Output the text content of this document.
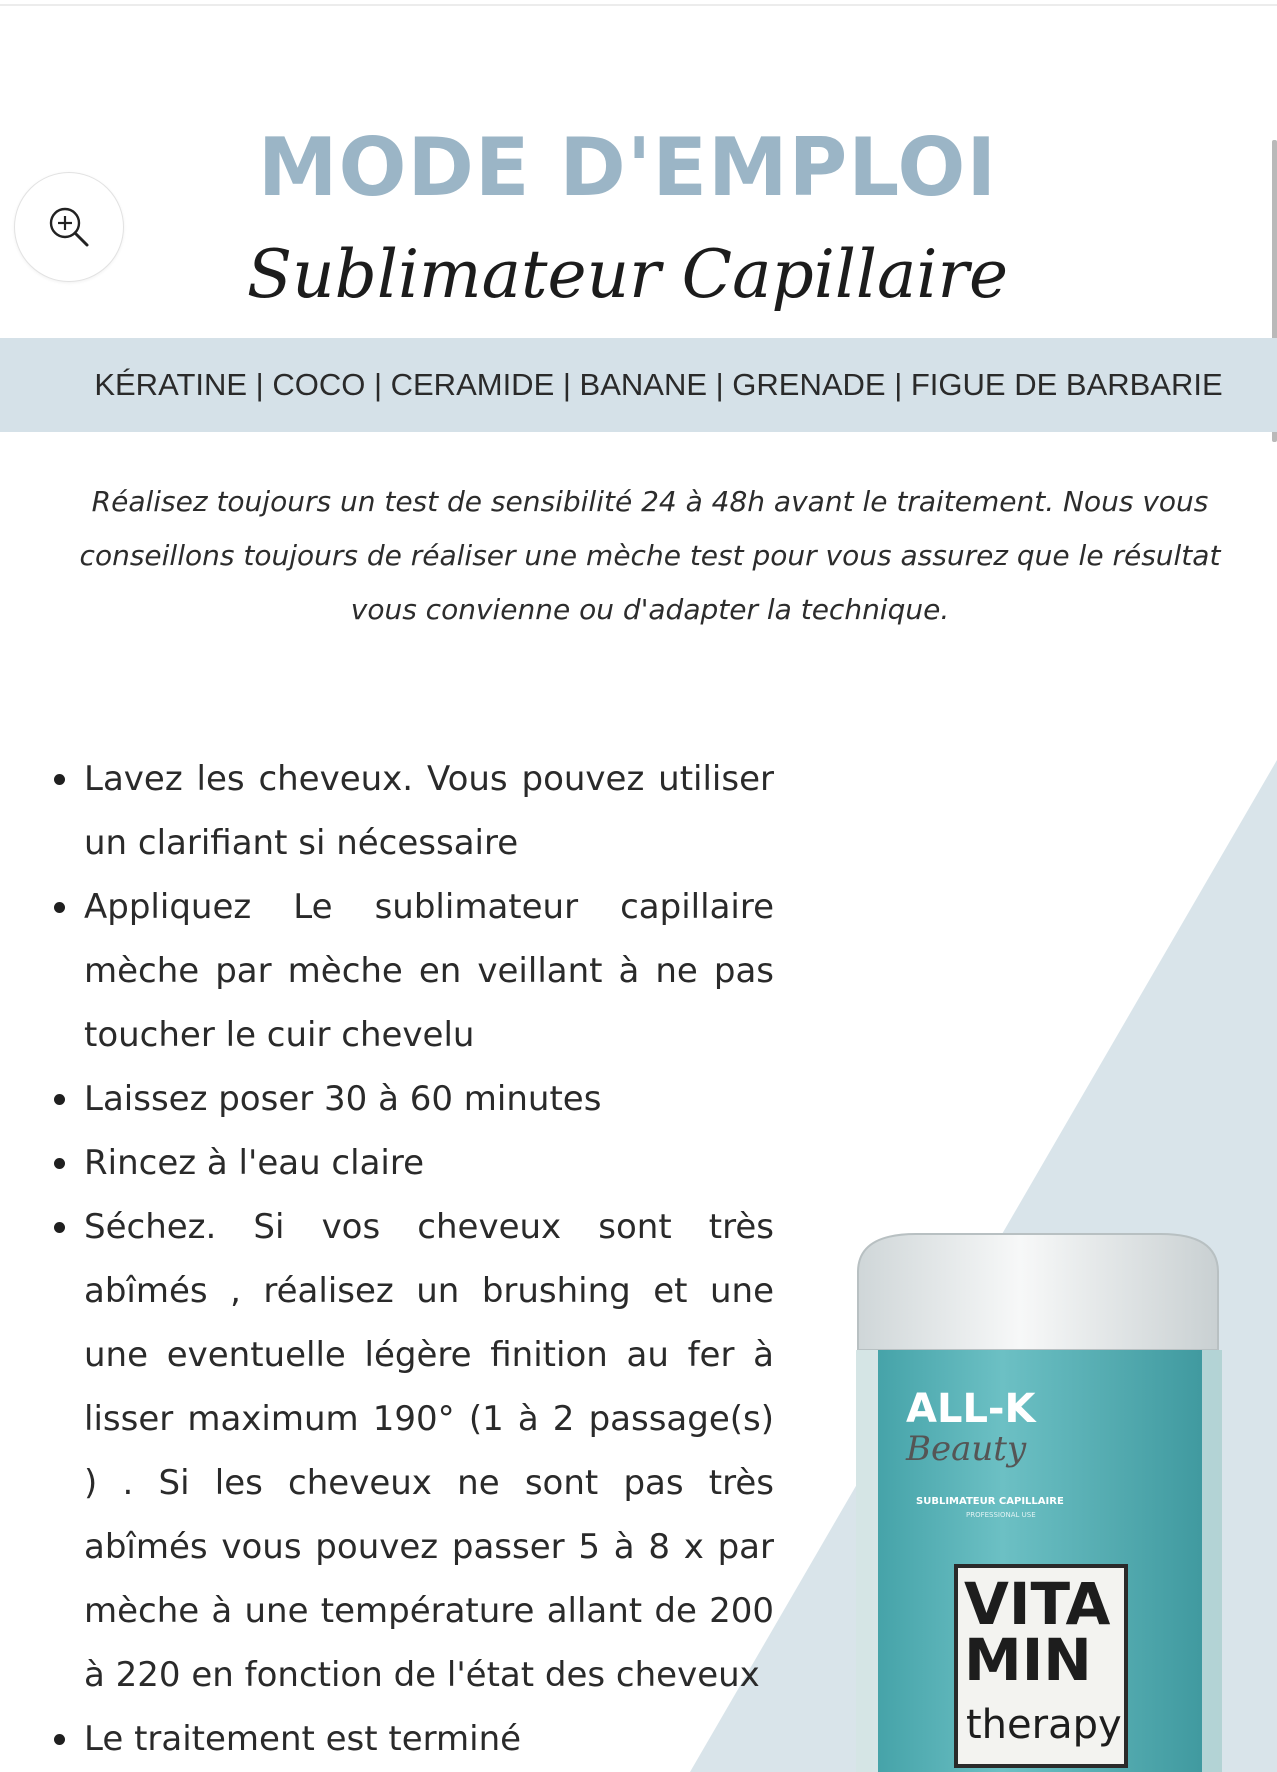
MODE D'EMPLOI
Sublimateur Capillaire
KÉRATINE | COCO | CERAMIDE | BANANE | GRENADE | FIGUE DE BARBARIE
Réalisez toujours un test de sensibilité 24 à 48h avant le traitement. Nous vous conseillons toujours de réaliser une mèche test pour vous assurez que le résultat vous convienne ou d'adapter la technique.
Lavez les cheveux. Vous pouvez utiliser un clarifiant si nécessaire
Appliquez Le sublimateur capillaire mèche par mèche en veillant à ne pas toucher le cuir chevelu
Laissez poser 30 à 60 minutes
Rincez à l'eau claire
Séchez. Si vos cheveux sont très abîmés , réalisez un brushing et une une eventuelle légère finition au fer à lisser maximum 190° (1 à 2 passage(s) ) . Si les cheveux ne sont pas très abîmés vous pouvez passer 5 à 8 x par mèche à une température allant de 200 à 220 en fonction de l'état des cheveux
Le traitement est terminé
ALL-K
Beauty
SUBLIMATEUR CAPILLAIRE
PROFESSIONAL USE
VITA
MIN
therapy
